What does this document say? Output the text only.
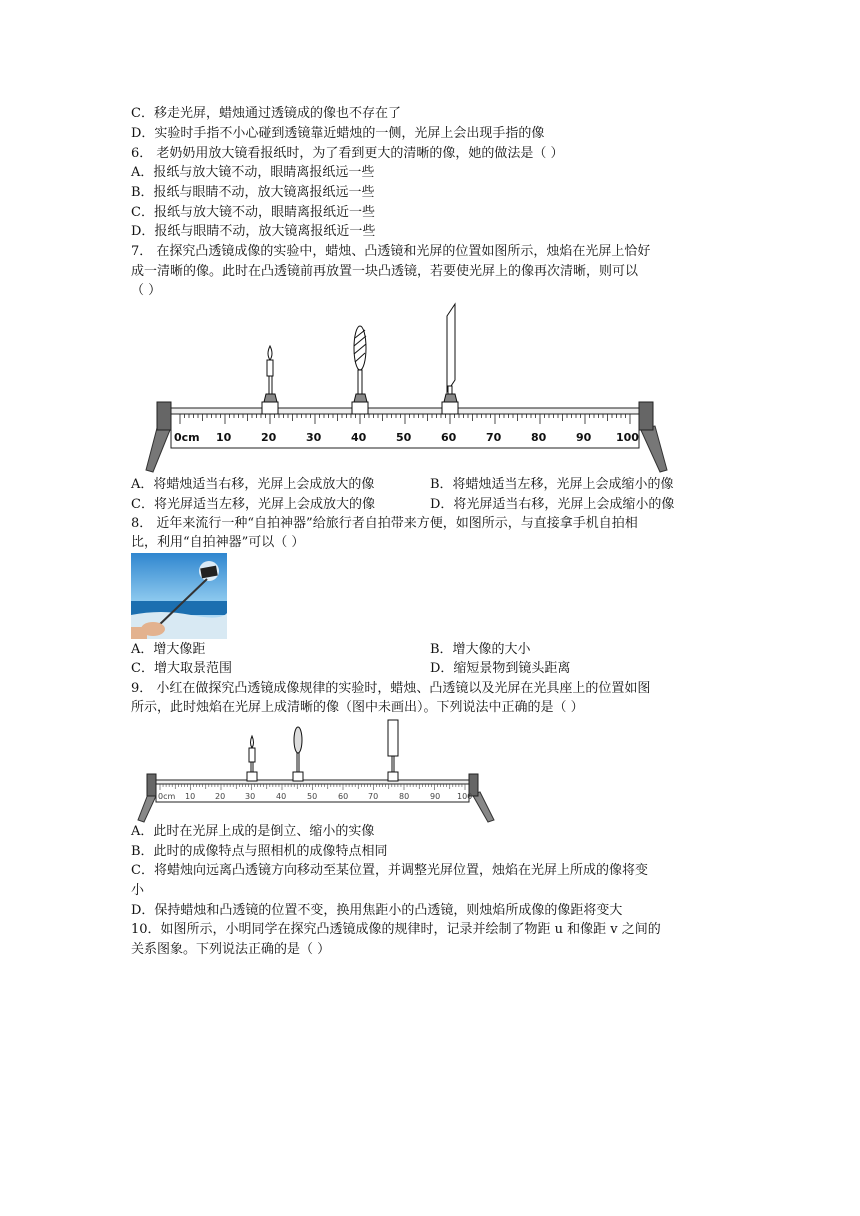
C．移走光屏，蜡烛通过透镜成的像也不存在了
D．实验时手指不小心碰到透镜靠近蜡烛的一侧，光屏上会出现手指的像
6． 老奶奶用放大镜看报纸时，为了看到更大的清晰的像，她的做法是（ ）
A．报纸与放大镜不动，眼睛离报纸远一些
B．报纸与眼睛不动，放大镜离报纸远一些
C．报纸与放大镜不动，眼睛离报纸近一些
D．报纸与眼睛不动，放大镜离报纸近一些
7． 在探究凸透镜成像的实验中，蜡烛、凸透镜和光屏的位置如图所示，烛焰在光屏上恰好
成一清晰的像。此时在凸透镜前再放置一块凸透镜，若要使光屏上的像再次清晰，则可以
（ ）
0cm 10	20	30	40	50	60	70	80	90 100
A．将蜡烛适当右移，光屏上会成放大的像	B．将蜡烛适当左移，光屏上会成缩小的像
C．将光屏适当左移，光屏上会成放大的像	D．将光屏适当右移，光屏上会成缩小的像
8． 近年来流行一种“自拍神器”给旅行者自拍带来方便，如图所示，与直接拿手机自拍相
比，利用“自拍神器”可以（ ）
A．增大像距	B．增大像的大小
C．增大取景范围	D．缩短景物到镜头距离
9． 小红在做探究凸透镜成像规律的实验时，蜡烛、凸透镜以及光屏在光具座上的位置如图
所示，此时烛焰在光屏上成清晰的像（图中未画出）。下列说法中正确的是（ ）
0cm 10 20 30	40	50	60 70	80	90 100
A．此时在光屏上成的是倒立、缩小的实像
B．此时的成像特点与照相机的成像特点相同
C．将蜡烛向远离凸透镜方向移动至某位置，并调整光屏位置，烛焰在光屏上所成的像将变
小
D．保持蜡烛和凸透镜的位置不变，换用焦距小的凸透镜，则烛焰所成像的像距将变大
10．如图所示，小明同学在探究凸透镜成像的规律时，记录并绘制了物距 u 和像距 v 之间的
关系图象。下列说法正确的是（ ）
